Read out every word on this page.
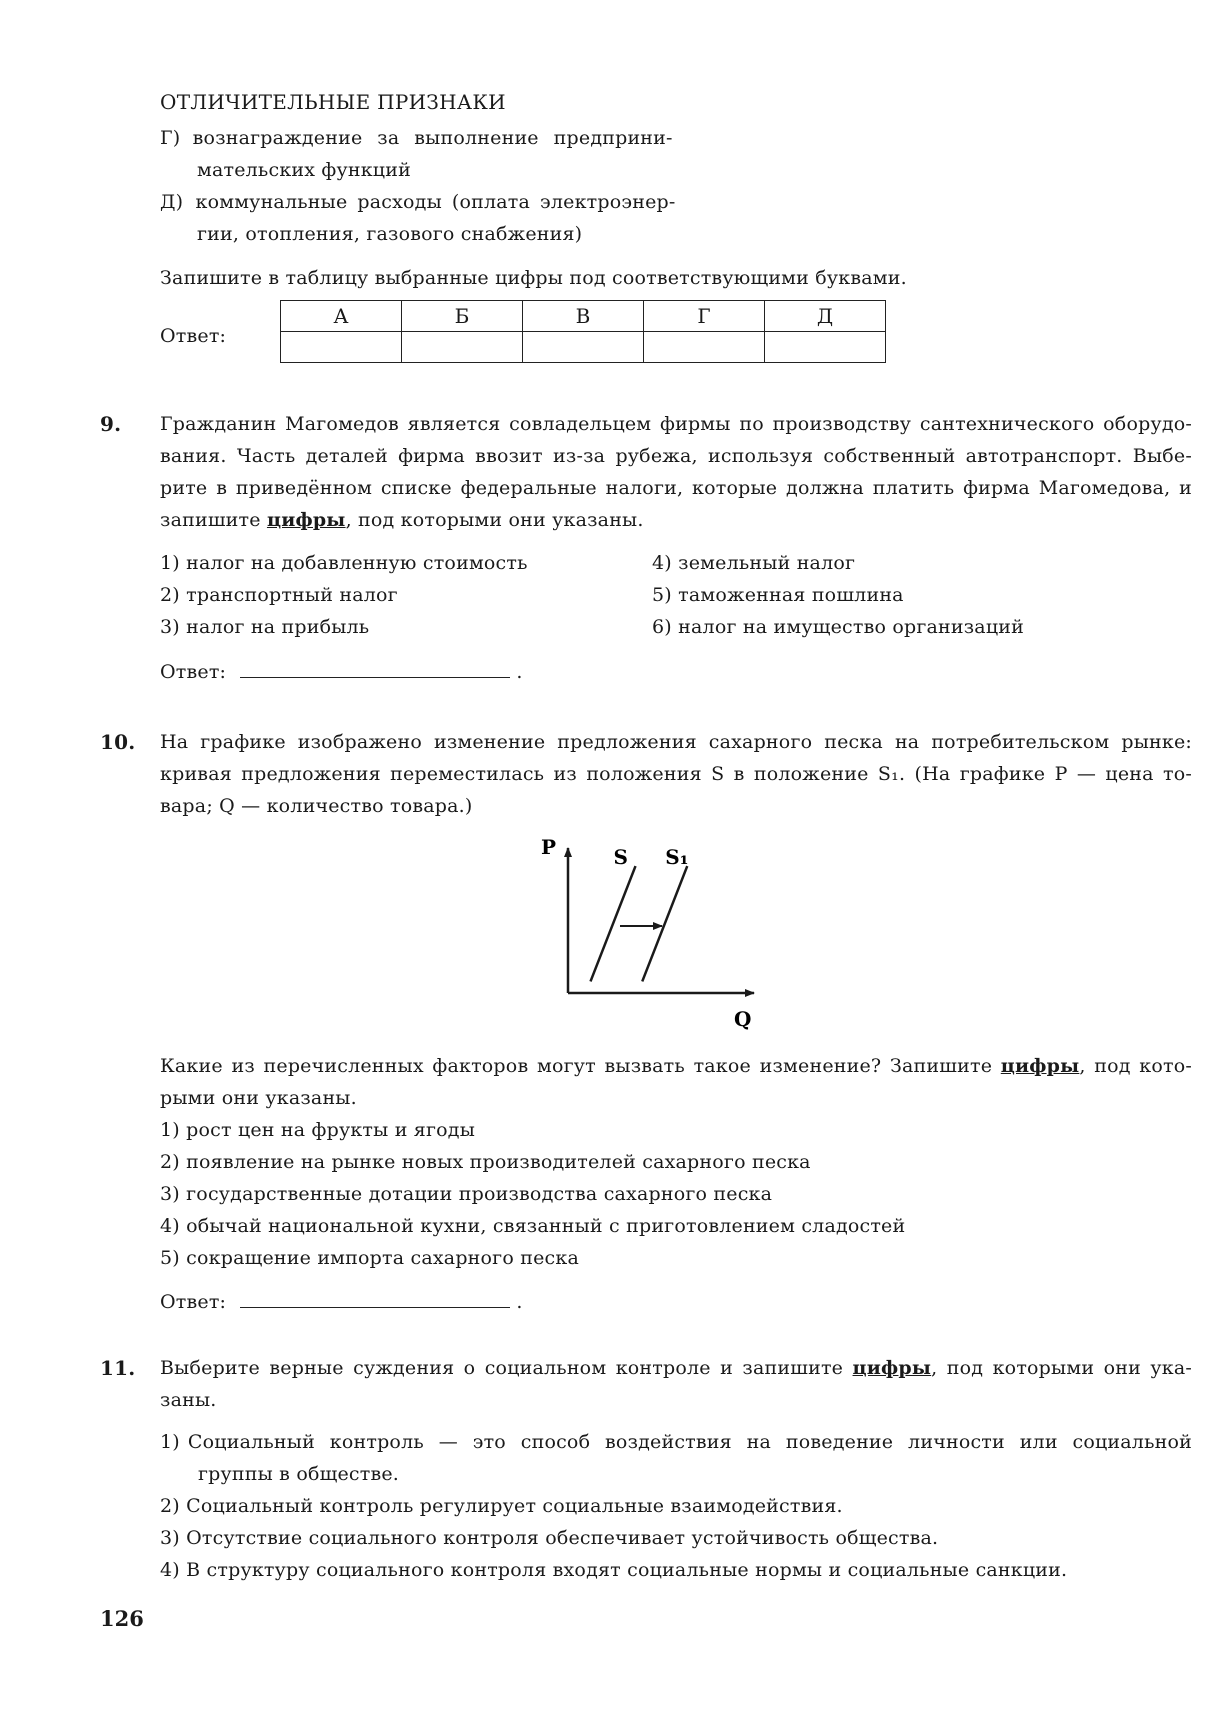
ОТЛИЧИТЕЛЬНЫЕ ПРИЗНАКИ
Г) вознаграждение за выполнение предприни-
мательских функций
Д) коммунальные расходы (оплата электроэнер-
гии, отопления, газового снабжения)
Запишите в таблицу выбранные цифры под соответствующими буквами.
Ответ:
А	Б	В	Г	Д

9. Гражданин Магомедов является совладельцем фирмы по производству сантехнического оборудо-
вания. Часть деталей фирма ввозит из-за рубежа, используя собственный автотранспорт. Выбе-
рите в приведённом списке федеральные налоги, которые должна платить фирма Магомедова, и
запишите цифры, под которыми они указаны.
1) налог на добавленную стоимость
2) транспортный налог
3) налог на прибыль
4) земельный налог
5) таможенная пошлина
6) налог на имущество организаций
Ответ:	.
10. На графике изображено изменение предложения сахарного песка на потребительском рынке:
кривая предложения переместилась из положения S в положение S₁. (На графике P — цена то-
вара; Q — количество товара.)
P
Q
S S₁
Какие из перечисленных факторов могут вызвать такое изменение? Запишите цифры, под кото-
рыми они указаны.
1) рост цен на фрукты и ягоды
2) появление на рынке новых производителей сахарного песка
3) государственные дотации производства сахарного песка
4) обычай национальной кухни, связанный с приготовлением сладостей
5) сокращение импорта сахарного песка
Ответ:	.
11. Выберите верные суждения о социальном контроле и запишите цифры, под которыми они ука-
заны.
1) Социальный контроль — это способ воздействия на поведение личности или социальной
группы в обществе.
2) Социальный контроль регулирует социальные взаимодействия.
3) Отсутствие социального контроля обеспечивает устойчивость общества.
4) В структуру социального контроля входят социальные нормы и социальные санкции.
126
